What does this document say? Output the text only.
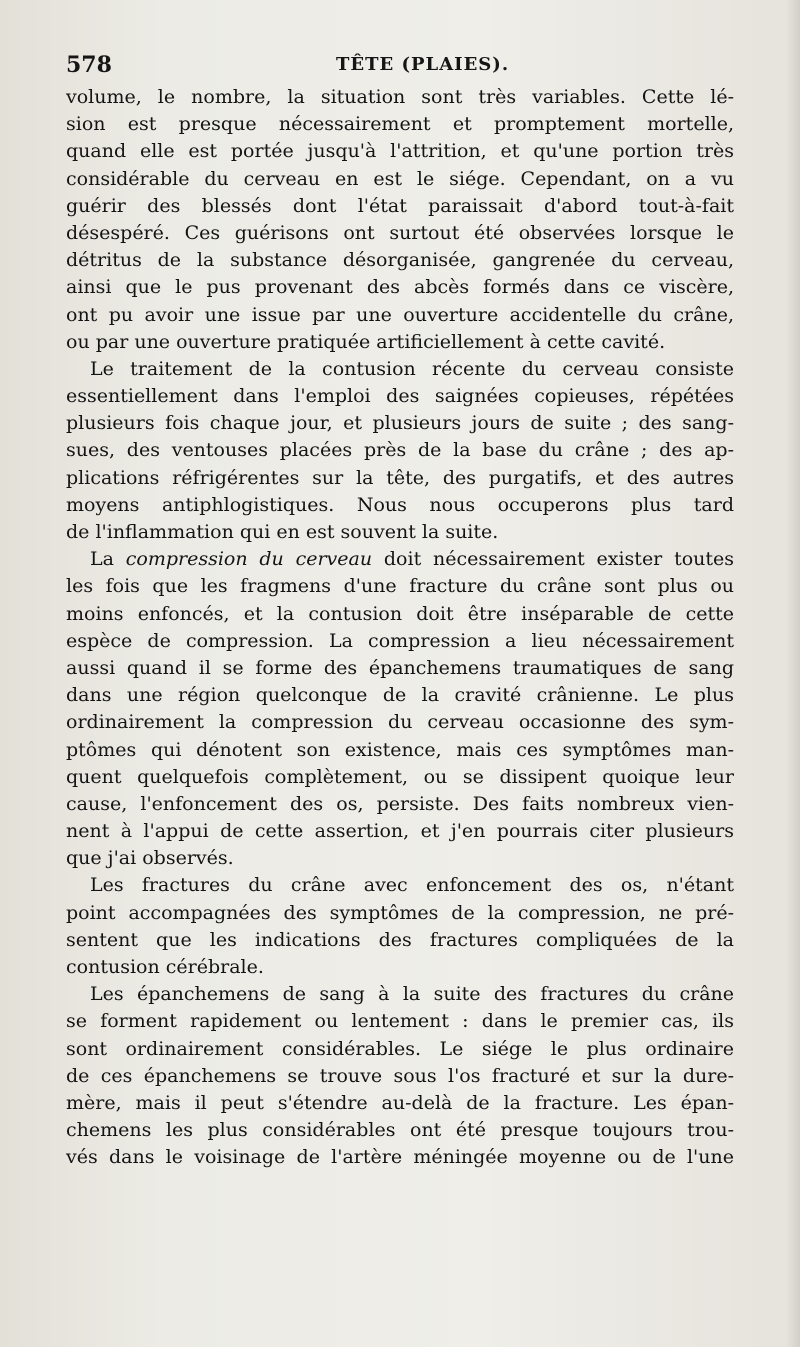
578	TÊTE (PLAIES).
volume, le nombre, la situation sont très variables. Cette lé-
sion est presque nécessairement et promptement mortelle,
quand elle est portée jusqu'à l'attrition, et qu'une portion très
considérable du cerveau en est le siége. Cependant, on a vu
guérir des blessés dont l'état paraissait d'abord tout-à-fait
désespéré. Ces guérisons ont surtout été observées lorsque le
détritus de la substance désorganisée, gangrenée du cerveau,
ainsi que le pus provenant des abcès formés dans ce viscère,
ont pu avoir une issue par une ouverture accidentelle du crâne,
ou par une ouverture pratiquée artificiellement à cette cavité.
Le traitement de la contusion récente du cerveau consiste
essentiellement dans l'emploi des saignées copieuses, répétées
plusieurs fois chaque jour, et plusieurs jours de suite ; des sang-
sues, des ventouses placées près de la base du crâne ; des ap-
plications réfrigérentes sur la tête, des purgatifs, et des autres
moyens antiphlogistiques. Nous nous occuperons plus tard
de l'inflammation qui en est souvent la suite.
La compression du cerveau doit nécessairement exister toutes
les fois que les fragmens d'une fracture du crâne sont plus ou
moins enfoncés, et la contusion doit être inséparable de cette
espèce de compression. La compression a lieu nécessairement
aussi quand il se forme des épanchemens traumatiques de sang
dans une région quelconque de la cravité crânienne. Le plus
ordinairement la compression du cerveau occasionne des sym-
ptômes qui dénotent son existence, mais ces symptômes man-
quent quelquefois complètement, ou se dissipent quoique leur
cause, l'enfoncement des os, persiste. Des faits nombreux vien-
nent à l'appui de cette assertion, et j'en pourrais citer plusieurs
que j'ai observés.
Les fractures du crâne avec enfoncement des os, n'étant
point accompagnées des symptômes de la compression, ne pré-
sentent que les indications des fractures compliquées de la
contusion cérébrale.
Les épanchemens de sang à la suite des fractures du crâne
se forment rapidement ou lentement : dans le premier cas, ils
sont ordinairement considérables. Le siége le plus ordinaire
de ces épanchemens se trouve sous l'os fracturé et sur la dure-
mère, mais il peut s'étendre au-delà de la fracture. Les épan-
chemens les plus considérables ont été presque toujours trou-
vés dans le voisinage de l'artère méningée moyenne ou de l'une
